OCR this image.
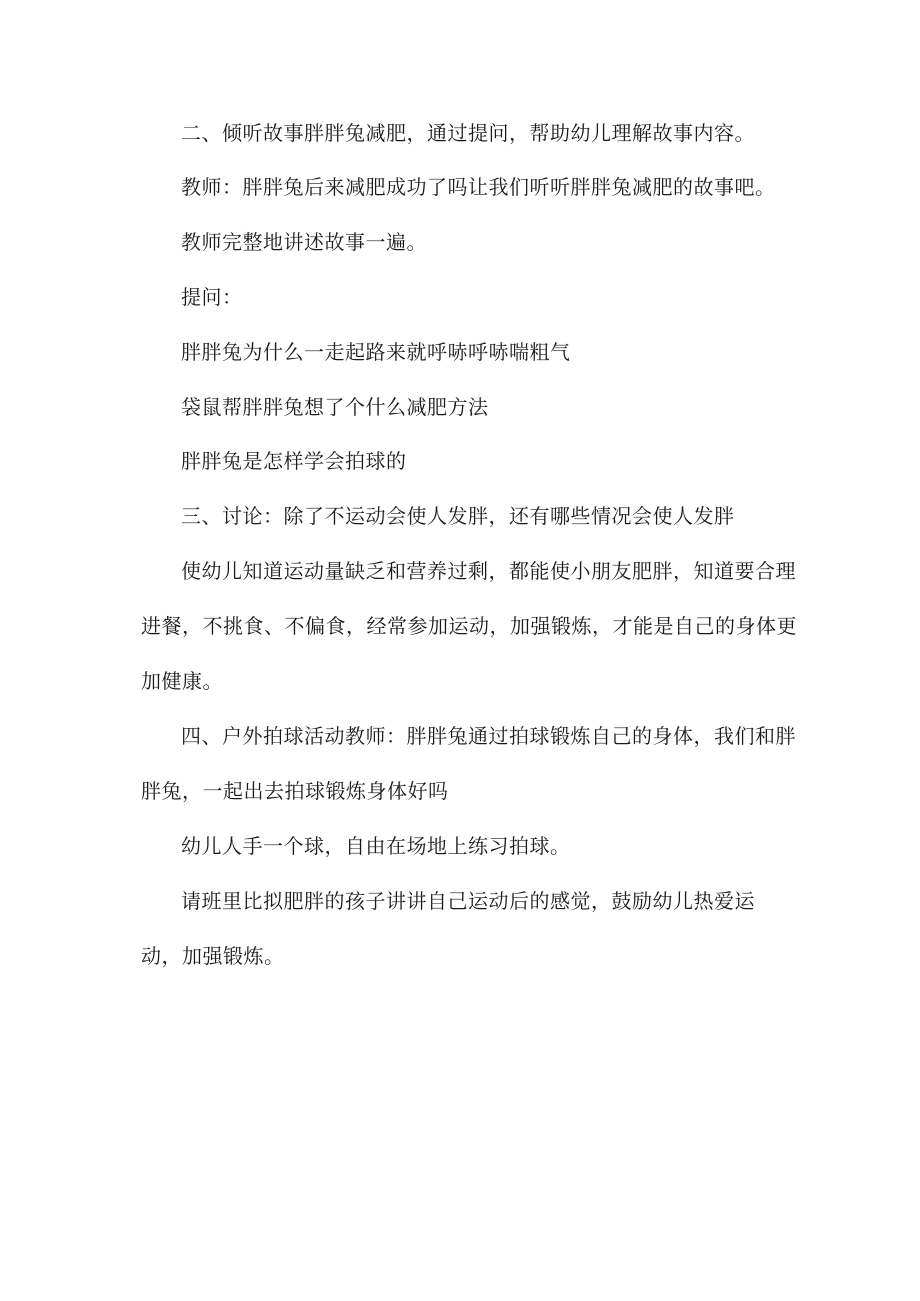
二、倾听故事胖胖兔减肥，通过提问，帮助幼儿理解故事内容。
教师：胖胖兔后来减肥成功了吗让我们听听胖胖兔减肥的故事吧。
教师完整地讲述故事一遍。
提问：
胖胖兔为什么一走起路来就呼哧呼哧喘粗气
袋鼠帮胖胖兔想了个什么减肥方法
胖胖兔是怎样学会拍球的
三、讨论：除了不运动会使人发胖，还有哪些情况会使人发胖
使幼儿知道运动量缺乏和营养过剩，都能使小朋友肥胖，知道要合理
进餐，不挑食、不偏食，经常参加运动，加强锻炼，才能是自己的身体更
加健康。
四、户外拍球活动教师：胖胖兔通过拍球锻炼自己的身体，我们和胖
胖兔，一起出去拍球锻炼身体好吗
幼儿人手一个球，自由在场地上练习拍球。
请班里比拟肥胖的孩子讲讲自己运动后的感觉，鼓励幼儿热爱运
动，加强锻炼。
